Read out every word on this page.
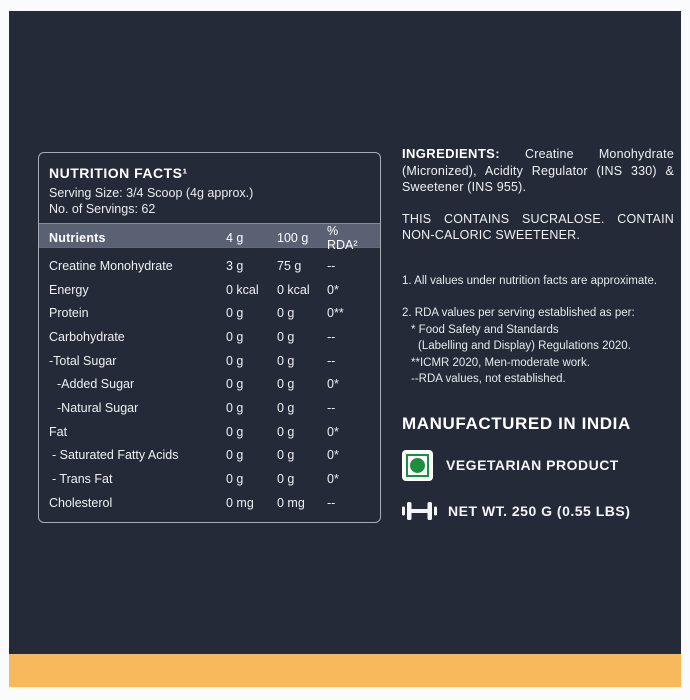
NUTRITION FACTS¹
Serving Size: 3/4 Scoop (4g approx.)
No. of Servings: 62
Nutrients	4 g	100 g	% RDA²
Creatine Monohydrate	3 g	75 g	--
Energy	0 kcal	0 kcal	0*
Protein	0 g	0 g	0**
Carbohydrate	0 g	0 g	--
-Total Sugar	0 g	0 g	--
-Added Sugar	0 g	0 g	0*
-Natural Sugar	0 g	0 g	--
Fat	0 g	0 g	0*
- Saturated Fatty Acids	0 g	0 g	0*
- Trans Fat	0 g	0 g	0*
Cholesterol	0 mg	0 mg	--

INGREDIENTS: Creatine Monohydrate (Micronized), Acidity Regulator (INS 330) & Sweetener (INS 955).

THIS CONTAINS SUCRALOSE. CONTAIN NON-CALORIC SWEETENER.

1. All values under nutrition facts are approximate.
2. RDA values per serving established as per:
* Food Safety and Standards
(Labelling and Display) Regulations 2020.
**ICMR 2020, Men-moderate work.
--RDA values, not established.
MANUFACTURED IN INDIA
VEGETARIAN PRODUCT
NET WT. 250 G (0.55 LBS)
